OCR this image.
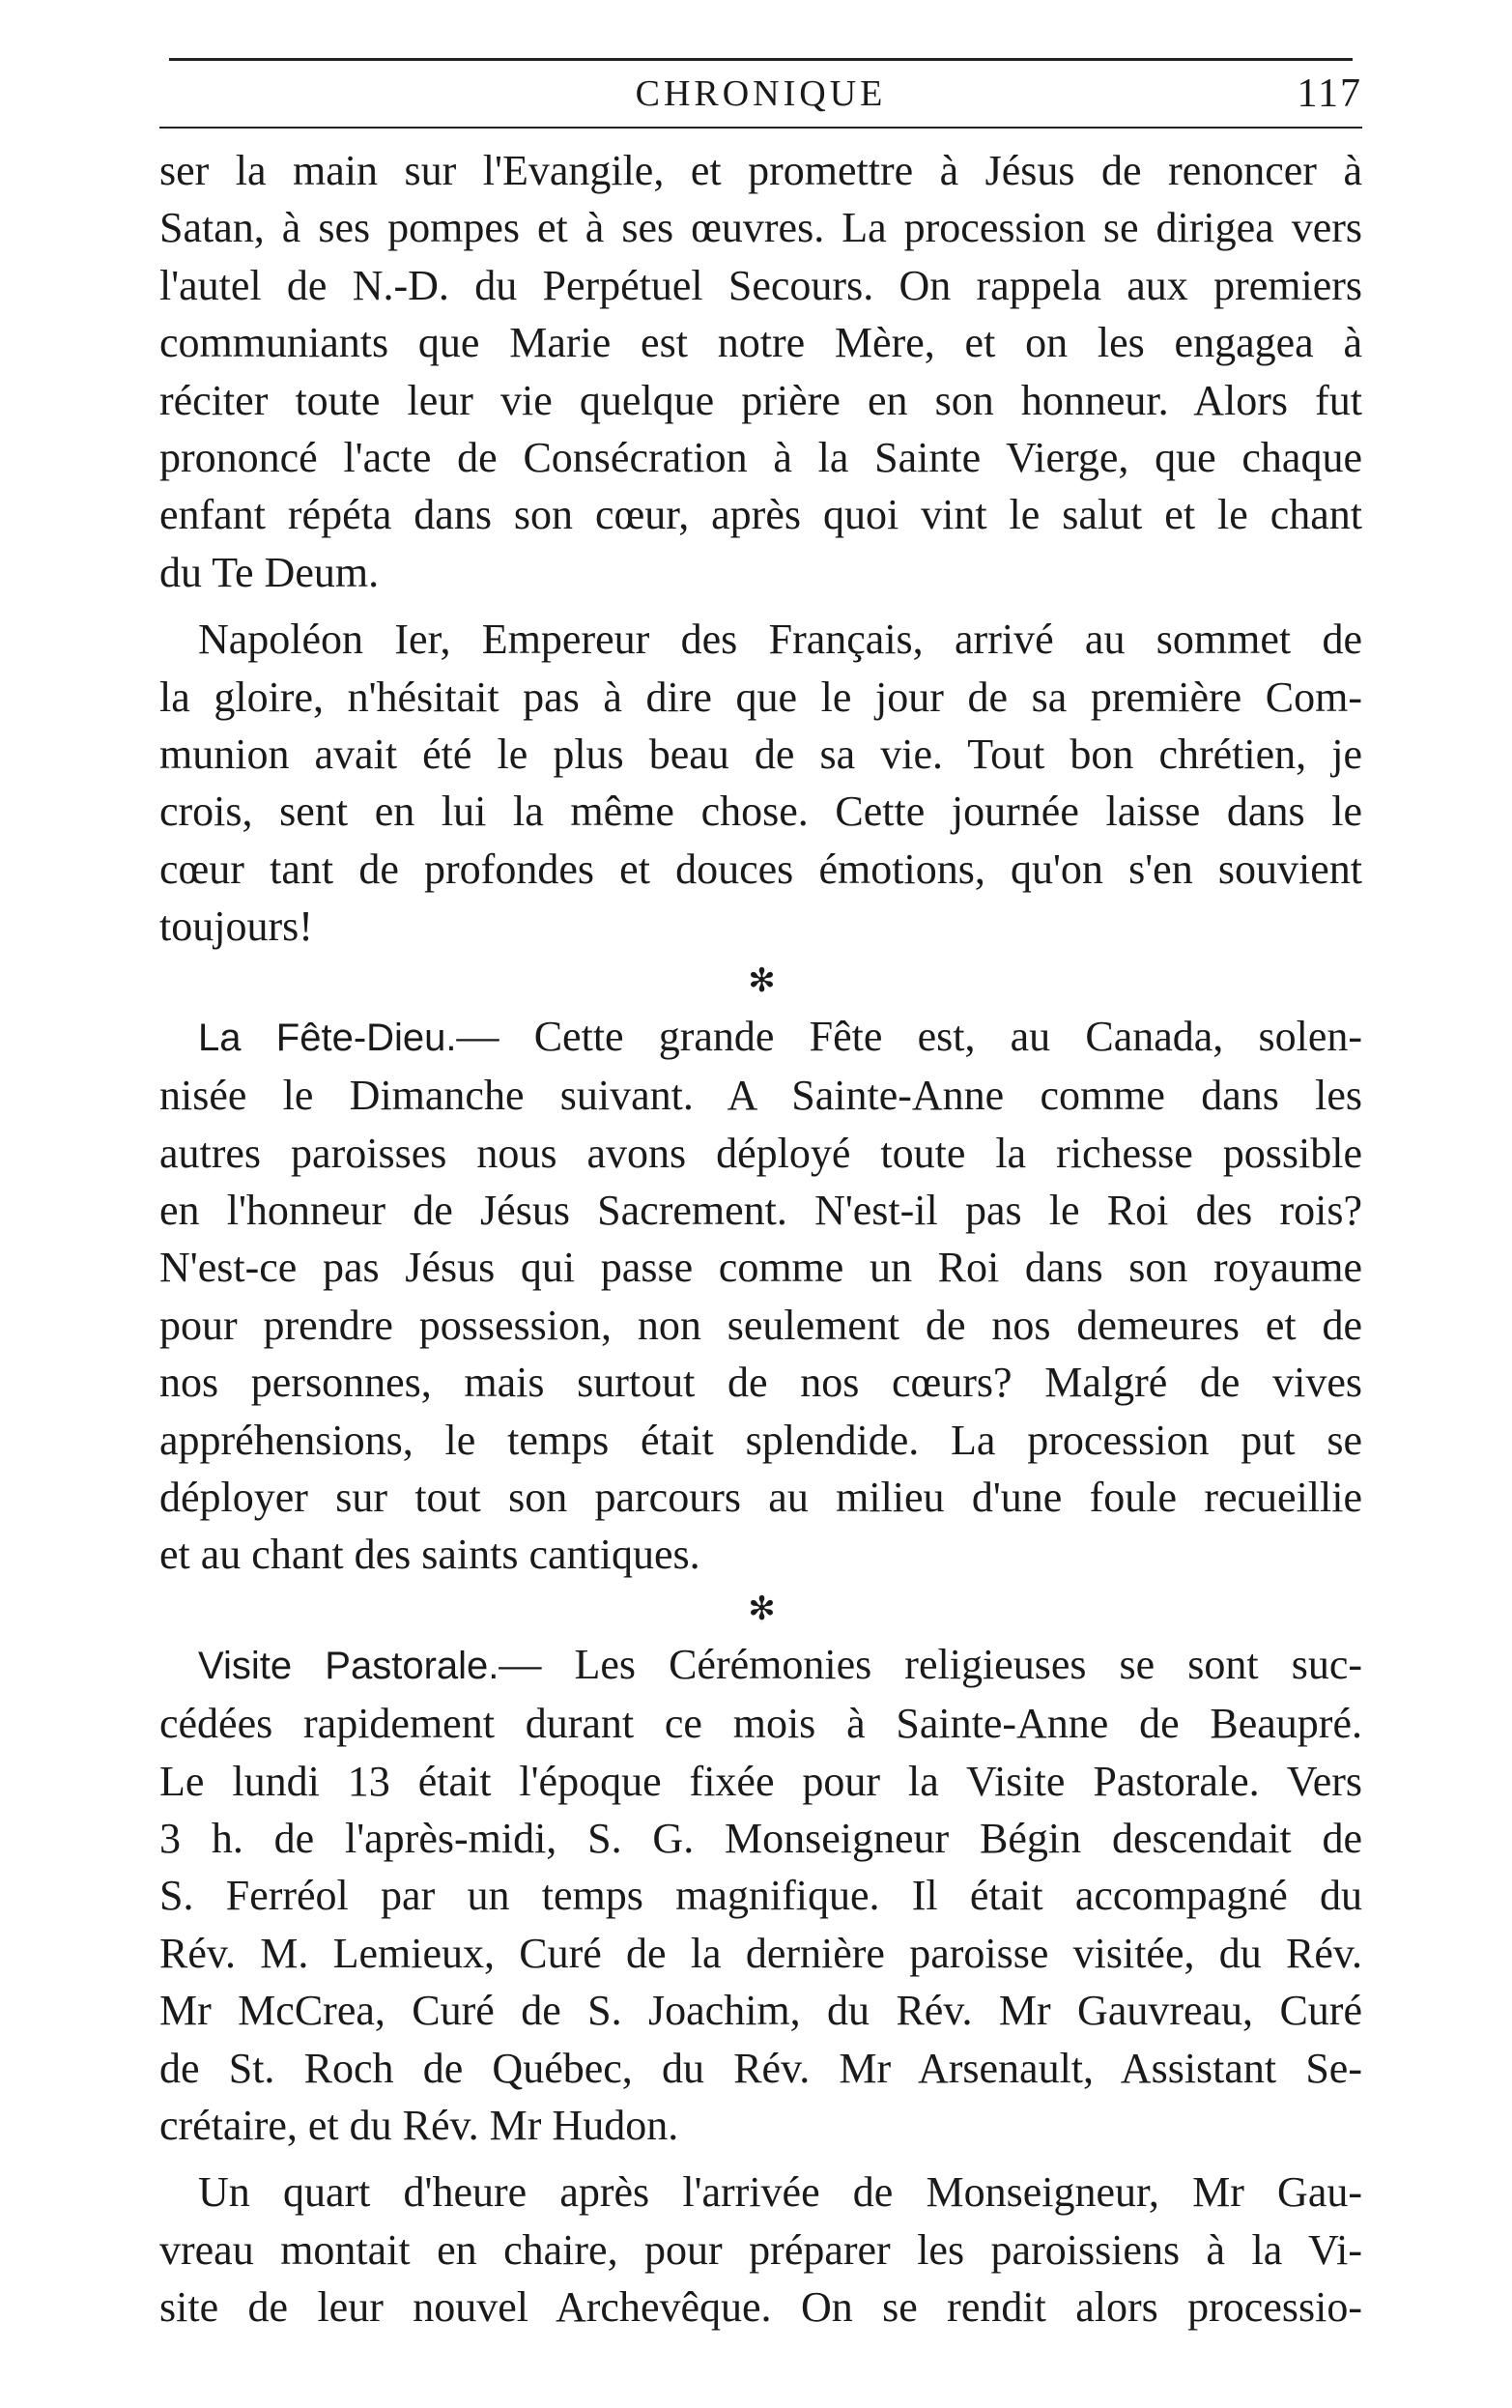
CHRONIQUE	117
ser la main sur l'Evangile, et promettre à Jésus de renoncer à
Satan, à ses pompes et à ses œuvres. La procession se dirigea vers
l'autel de N.-D. du Perpétuel Secours. On rappela aux premiers
communiants que Marie est notre Mère, et on les engagea à
réciter toute leur vie quelque prière en son honneur. Alors fut
prononcé l'acte de Consécration à la Sainte Vierge, que chaque
enfant répéta dans son cœur, après quoi vint le salut et le chant
du Te Deum.
Napoléon Ier, Empereur des Français, arrivé au sommet de
la gloire, n'hésitait pas à dire que le jour de sa première Com-
munion avait été le plus beau de sa vie. Tout bon chrétien, je
crois, sent en lui la même chose. Cette journée laisse dans le
cœur tant de profondes et douces émotions, qu'on s'en souvient
toujours!
✻
La Fête-Dieu.— Cette grande Fête est, au Canada, solen-
nisée le Dimanche suivant. A Sainte-Anne comme dans les
autres paroisses nous avons déployé toute la richesse possible
en l'honneur de Jésus Sacrement. N'est-il pas le Roi des rois?
N'est-ce pas Jésus qui passe comme un Roi dans son royaume
pour prendre possession, non seulement de nos demeures et de
nos personnes, mais surtout de nos cœurs? Malgré de vives
appréhensions, le temps était splendide. La procession put se
déployer sur tout son parcours au milieu d'une foule recueillie
et au chant des saints cantiques.
✻
Visite Pastorale.— Les Cérémonies religieuses se sont suc-
cédées rapidement durant ce mois à Sainte-Anne de Beaupré.
Le lundi 13 était l'époque fixée pour la Visite Pastorale. Vers
3 h. de l'après-midi, S. G. Monseigneur Bégin descendait de
S. Ferréol par un temps magnifique. Il était accompagné du
Rév. M. Lemieux, Curé de la dernière paroisse visitée, du Rév.
Mr McCrea, Curé de S. Joachim, du Rév. Mr Gauvreau, Curé
de St. Roch de Québec, du Rév. Mr Arsenault, Assistant Se-
crétaire, et du Rév. Mr Hudon.
Un quart d'heure après l'arrivée de Monseigneur, Mr Gau-
vreau montait en chaire, pour préparer les paroissiens à la Vi-
site de leur nouvel Archevêque. On se rendit alors processio-
